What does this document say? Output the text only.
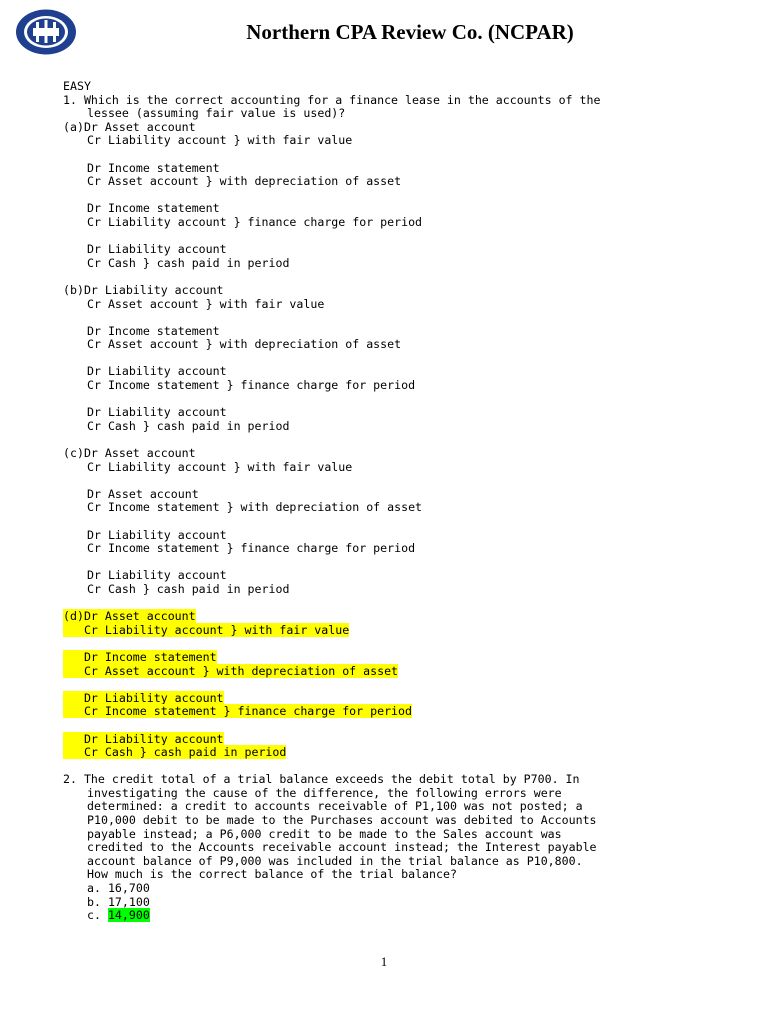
Northern CPA Review Co. (NCPAR)
EASY
1. Which is the correct accounting for a finance lease in the accounts of the
lessee (assuming fair value is used)?
(a)Dr Asset account
Cr Liability account } with fair value
Dr Income statement
Cr Asset account } with depreciation of asset
Dr Income statement
Cr Liability account } finance charge for period
Dr Liability account
Cr Cash } cash paid in period
(b)Dr Liability account
Cr Asset account } with fair value
Dr Income statement
Cr Asset account } with depreciation of asset
Dr Liability account
Cr Income statement } finance charge for period
Dr Liability account
Cr Cash } cash paid in period
(c)Dr Asset account
Cr Liability account } with fair value
Dr Asset account
Cr Income statement } with depreciation of asset
Dr Liability account
Cr Income statement } finance charge for period
Dr Liability account
Cr Cash } cash paid in period
(d)Dr Asset account
Cr Liability account } with fair value
Dr Income statement
Cr Asset account } with depreciation of asset
Dr Liability account
Cr Income statement } finance charge for period
Dr Liability account
Cr Cash } cash paid in period
2. The credit total of a trial balance exceeds the debit total by P700. In
investigating the cause of the difference, the following errors were
determined: a credit to accounts receivable of P1,100 was not posted; a
P10,000 debit to be made to the Purchases account was debited to Accounts
payable instead; a P6,000 credit to be made to the Sales account was
credited to the Accounts receivable account instead; the Interest payable
account balance of P9,000 was included in the trial balance as P10,800.
How much is the correct balance of the trial balance?
a. 16,700
b. 17,100
c. 14,900
1
